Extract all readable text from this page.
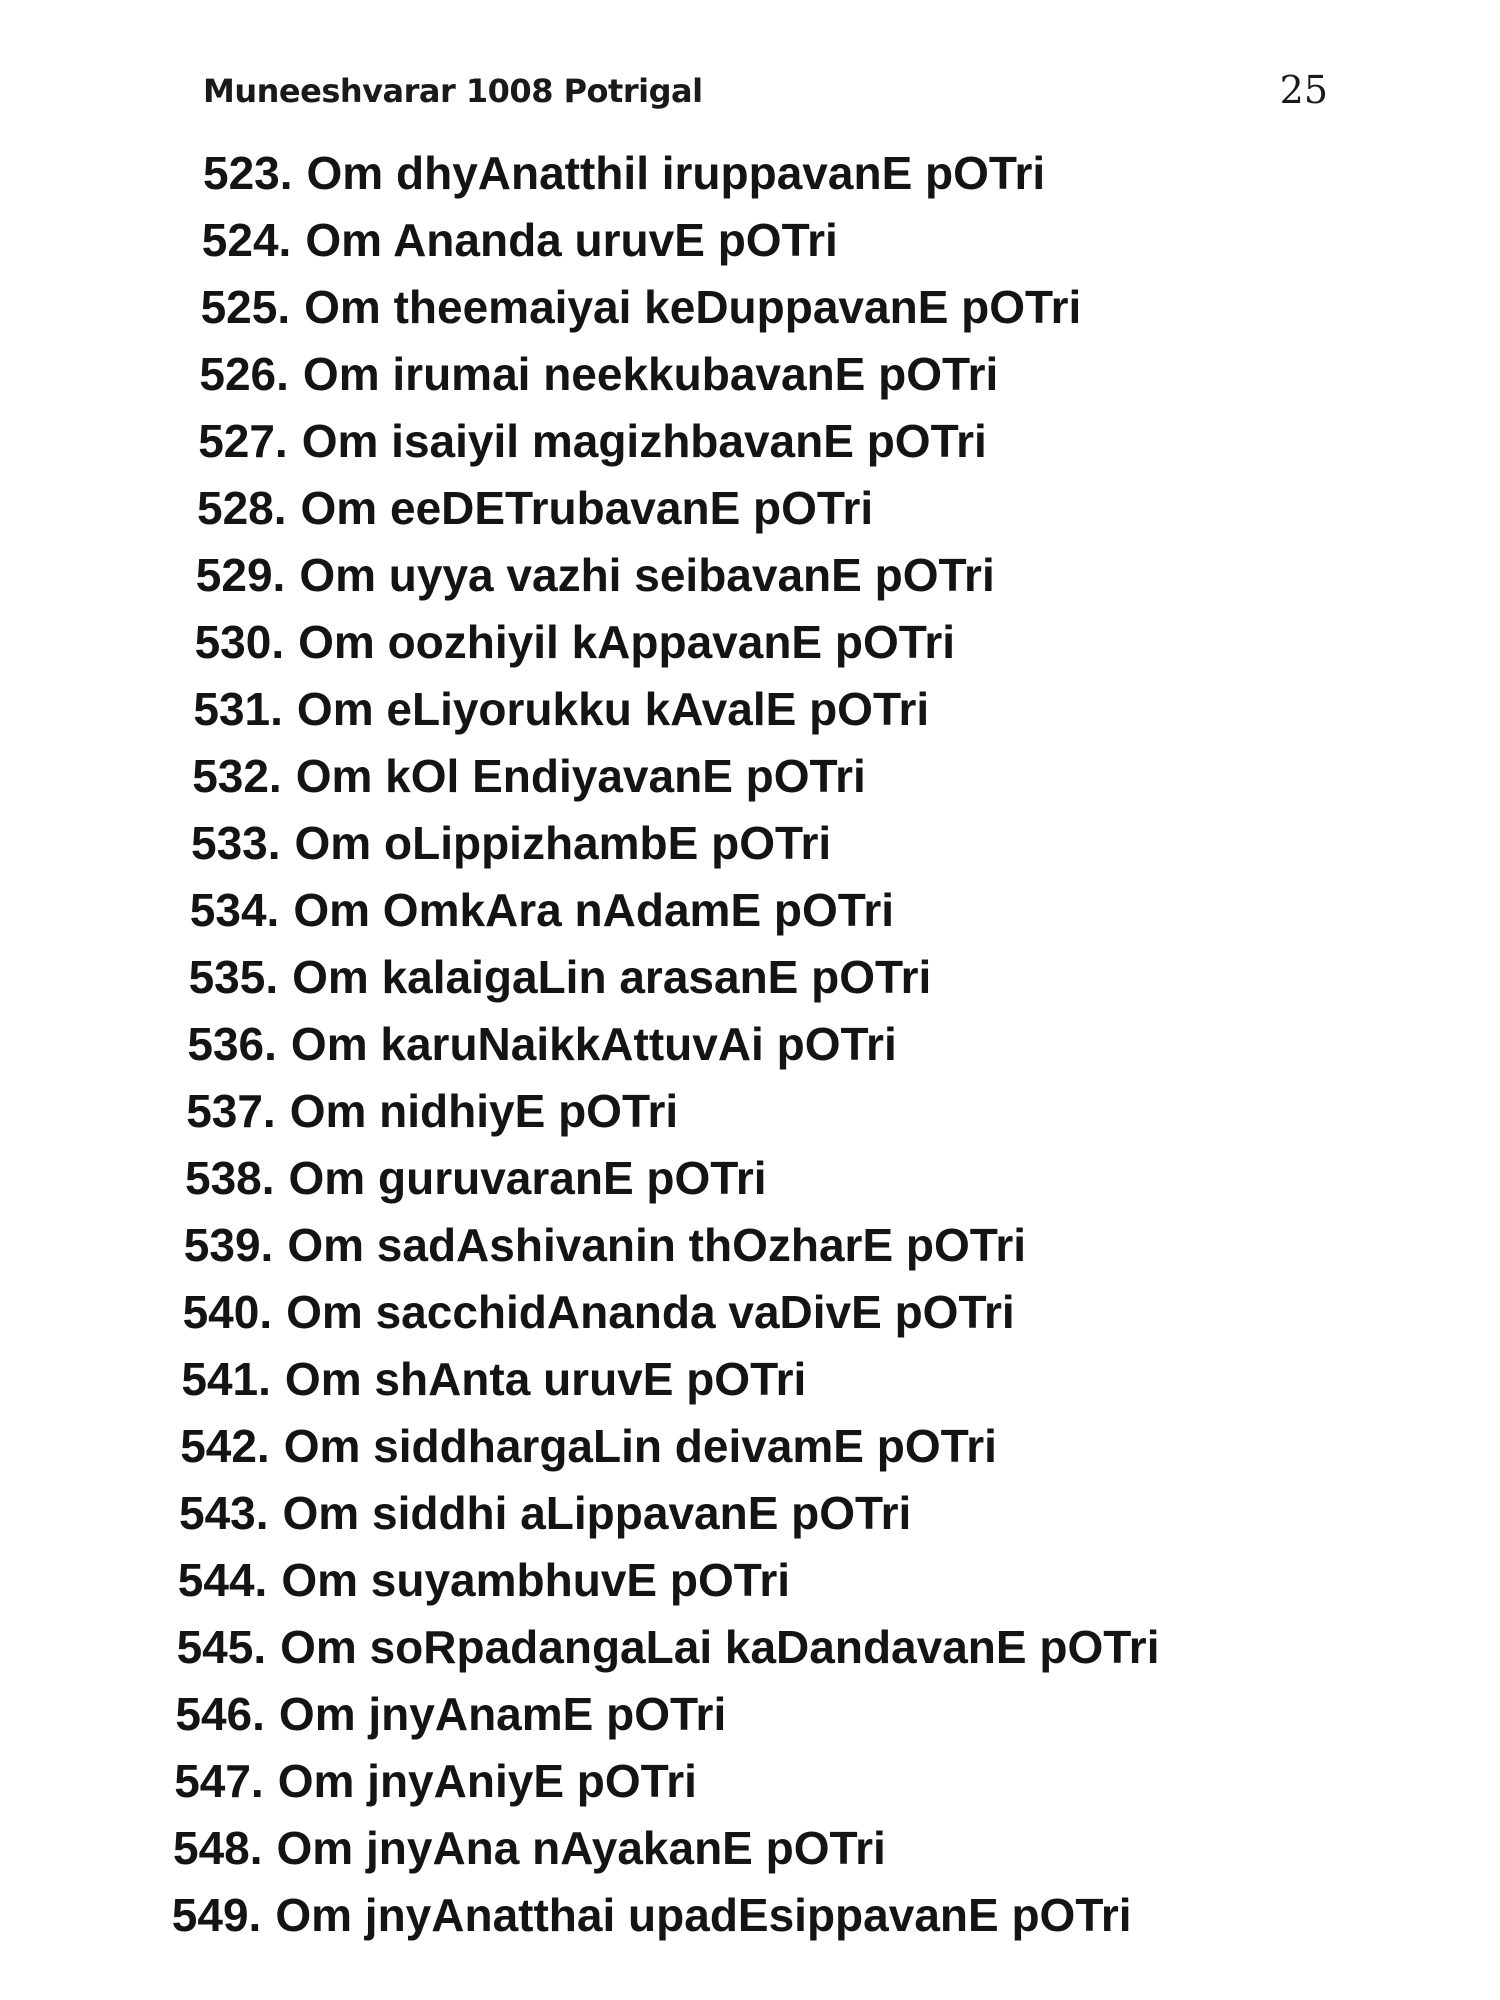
Muneeshvarar 1008 Potrigal	25
523. Om dhyAnatthil iruppavanE pOTri
524. Om Ananda uruvE pOTri
525. Om theemaiyai keDuppavanE pOTri
526. Om irumai neekkubavanE pOTri
527. Om isaiyil magizhbavanE pOTri
528. Om eeDETrubavanE pOTri
529. Om uyya vazhi seibavanE pOTri
530. Om oozhiyil kAppavanE pOTri
531. Om eLiyorukku kAvalE pOTri
532. Om kOl EndiyavanE pOTri
533. Om oLippizhambE pOTri
534. Om OmkAra nAdamE pOTri
535. Om kalaigaLin arasanE pOTri
536. Om karuNaikkAttuvAi pOTri
537. Om nidhiyE pOTri
538. Om guruvaranE pOTri
539. Om sadAshivanin thOzharE pOTri
540. Om sacchidAnanda vaDivE pOTri
541. Om shAnta uruvE pOTri
542. Om siddhargaLin deivamE pOTri
543. Om siddhi aLippavanE pOTri
544. Om suyambhuvE pOTri
545. Om soRpadangaLai kaDandavanE pOTri
546. Om jnyAnamE pOTri
547. Om jnyAniyE pOTri
548. Om jnyAna nAyakanE pOTri
549. Om jnyAnatthai upadEsippavanE pOTri
